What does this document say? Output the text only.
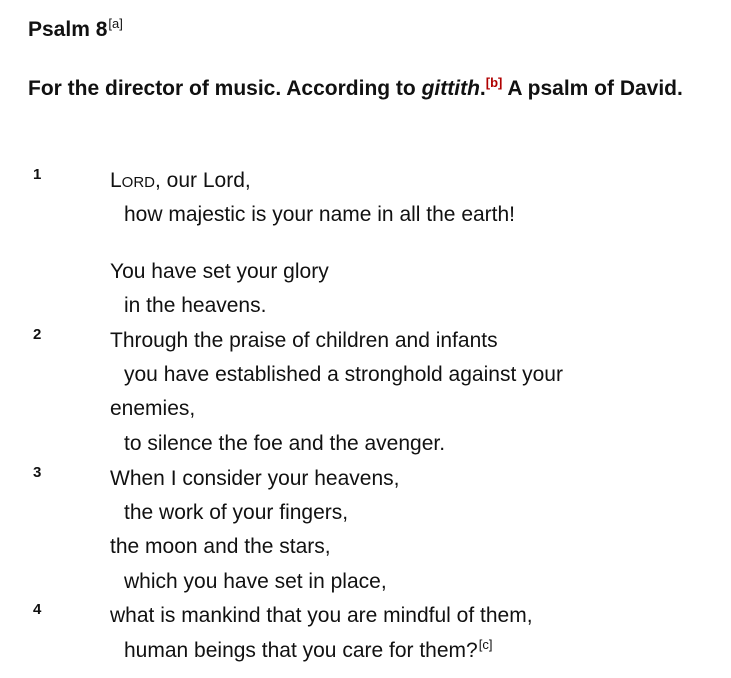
Psalm 8[a]
For the director of music. According to gittith.[b] A psalm of David.
1	Lord, our Lord,
how majestic is your name in all the earth!
You have set your glory
in the heavens.
2	Through the praise of children and infants
you have established a stronghold against your
enemies,
to silence the foe and the avenger.
3	When I consider your heavens,
the work of your fingers,
the moon and the stars,
which you have set in place,
4	what is mankind that you are mindful of them,
human beings that you care for them?[c]
